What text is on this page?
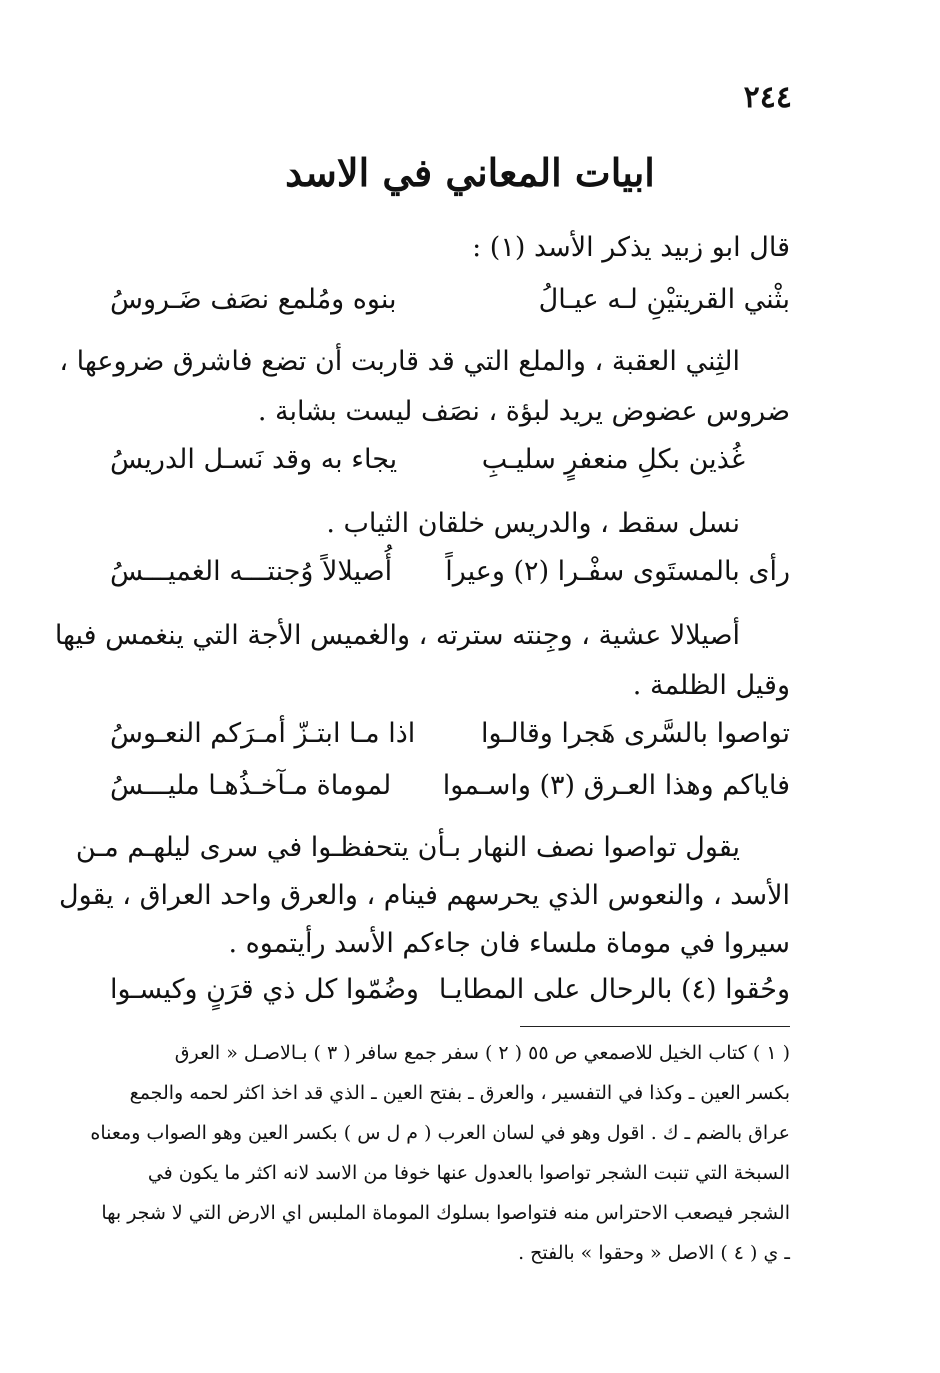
٢٤٤
ابيات المعاني في الاسد
قال ابو زبيد يذكر الأسد (١) :
بثْني القريتيْنِ لـه عيـالُ
بنوه ومُلمع نصَف ضَـروسُ
الثِني العقبة ، والملع التي قد قاربت أن تضع فاشرق ضروعها ،
ضروس عضوض يريد لبؤة ، نصَف ليست بشابة .
غُذين بكلِ منعفرٍ سليـبِ
يجاء به وقد نَسـل الدريسُ
نسل سقط ، والدريس خلقان الثياب .
رأى بالمستَوى سفْـرا (٢) وعيراً
أُصيلالاً وُجنتـــه الغميـــسُ
أصيلالا عشية ، وجِنته سترته ، والغميس الأجة التي ينغمس فيها
وقيل الظلمة .
تواصوا بالسَّرى هَجرا وقالـوا
اذا مـا ابتـزّ أمـرَكم النعـوسُ
فاياكم وهذا العـرق (٣) واسـموا
لموماة مـآخـذُهـا مليـــسُ
يقول تواصوا نصف النهار بـأن يتحفظـوا في سرى ليلهـم مـن
الأسد ، والنعوس الذي يحرسهم فينام ، والعرق واحد العراق ، يقول
سيروا في موماة ملساء فان جاءكم الأسد رأيتموه .
وحُقوا (٤) بالرحال على المطايـا
وضُمّوا كل ذي قرَنٍ وكيسـوا
( ١ ) كتاب الخيل للاصمعي ص ٥٥ ( ٢ ) سفر جمع سافر ( ٣ ) بـالاصـل « العرق
بكسر العين ـ وكذا في التفسير ، والعرق ـ بفتح العين ـ الذي قد اخذ اكثر لحمه والجمع
عراق بالضم ـ ك . اقول وهو في لسان العرب ( م ل س ) بكسر العين وهو الصواب ومعناه
السبخة التي تنبت الشجر تواصوا بالعدول عنها خوفا من الاسد لانه اكثر ما يكون في
الشجر فيصعب الاحتراس منه فتواصوا بسلوك الموماة الملبس اي الارض التي لا شجر بها
ـ ي ( ٤ ) الاصل « وحقوا » بالفتح .
